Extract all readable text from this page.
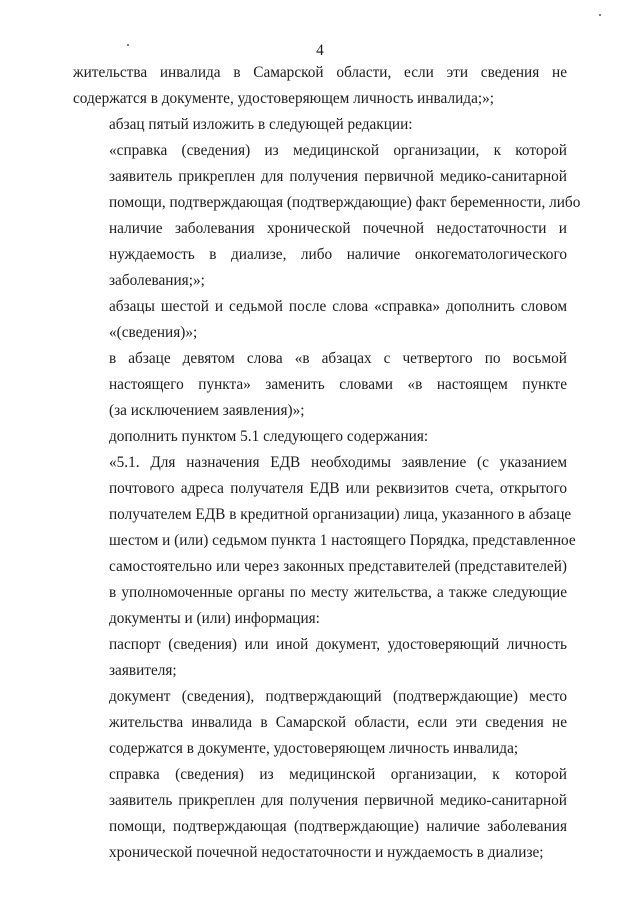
4

жительства инвалида в Самарской области, если эти сведения не
содержатся в документе, удостоверяющем личность инвалида;»;

абзац пятый изложить в следующей редакции:

«справка (сведения) из медицинской организации, к которой
заявитель прикреплен для получения первичной медико-санитарной
помощи, подтверждающая (подтверждающие) факт беременности, либо
наличие заболевания хронической почечной недостаточности и
нуждаемость в диализе, либо наличие онкогематологического
заболевания;»;

абзацы шестой и седьмой после слова «справка» дополнить словом
«(сведения)»;

в абзаце девятом слова «в абзацах с четвертого по восьмой
настоящего пункта» заменить словами «в настоящем пункте
(за исключением заявления)»;

дополнить пунктом 5.1 следующего содержания:

«5.1. Для назначения ЕДВ необходимы заявление (с указанием
почтового адреса получателя ЕДВ или реквизитов счета, открытого
получателем ЕДВ в кредитной организации) лица, указанного в абзаце
шестом и (или) седьмом пункта 1 настоящего Порядка, представленное
самостоятельно или через законных представителей (представителей)
в уполномоченные органы по месту жительства, а также следующие
документы и (или) информация:

паспорт (сведения) или иной документ, удостоверяющий личность
заявителя;

документ (сведения), подтверждающий (подтверждающие) место
жительства инвалида в Самарской области, если эти сведения не
содержатся в документе, удостоверяющем личность инвалида;

справка (сведения) из медицинской организации, к которой
заявитель прикреплен для получения первичной медико-санитарной
помощи, подтверждающая (подтверждающие) наличие заболевания
хронической почечной недостаточности и нуждаемость в диализе;
